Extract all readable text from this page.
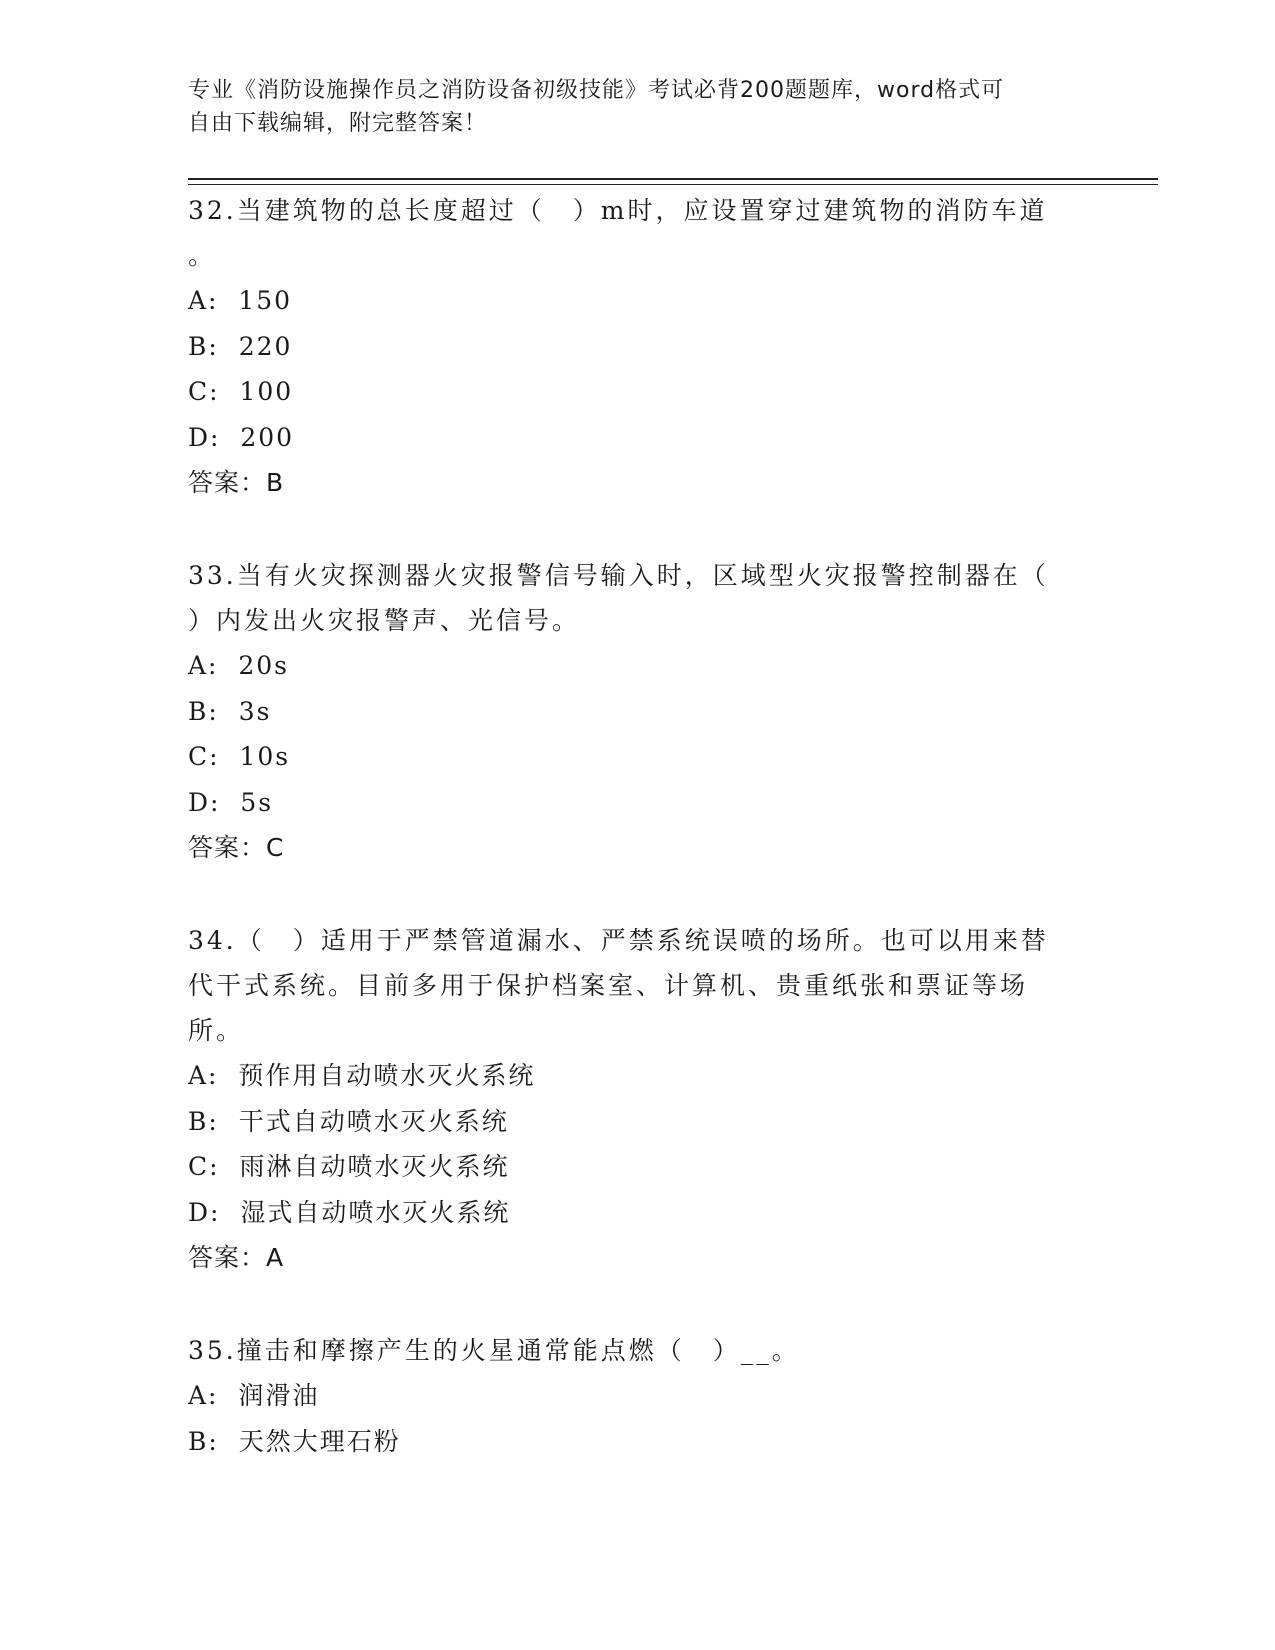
专业《消防设施操作员之消防设备初级技能》考试必背200题题库，word格式可
自由下载编辑，附完整答案！
32.当建筑物的总长度超过（　）m时，应设置穿过建筑物的消防车道
。
A:  150
B:  220
C:  100
D:  200
答案：B
33.当有火灾探测器火灾报警信号输入时，区域型火灾报警控制器在（
）内发出火灾报警声、光信号。
A:  20s
B:  3s
C:  10s
D:  5s
答案：C
34.（　）适用于严禁管道漏水、严禁系统误喷的场所。也可以用来替
代干式系统。目前多用于保护档案室、计算机、贵重纸张和票证等场
所。
A:  预作用自动喷水灭火系统
B:  干式自动喷水灭火系统
C:  雨淋自动喷水灭火系统
D:  湿式自动喷水灭火系统
答案：A
35.撞击和摩擦产生的火星通常能点燃（　）__。
A:  润滑油
B:  天然大理石粉
